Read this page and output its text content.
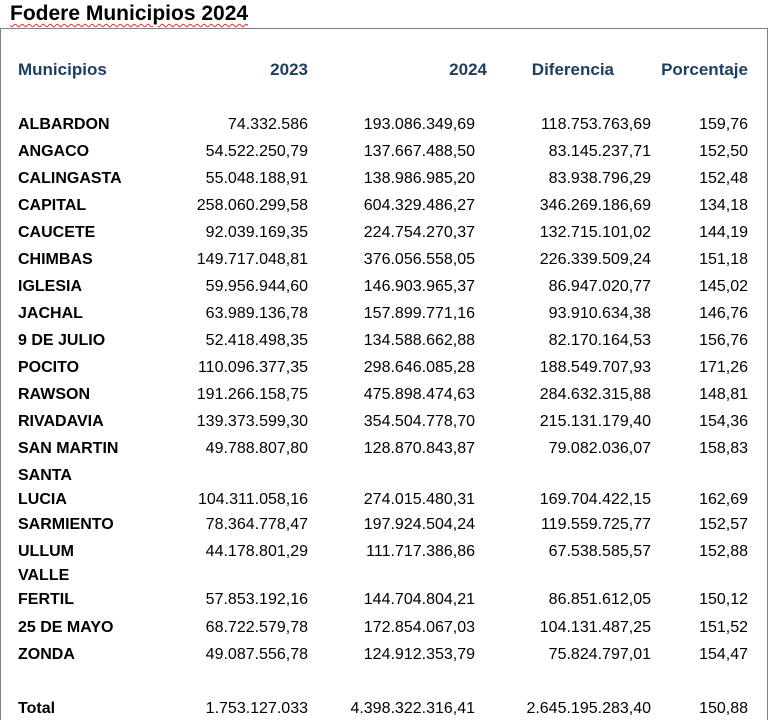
Fodere Municipios 2024
Municipios	2023	2024	Diferencia	Porcentaje
ALBARDON	74.332.586	193.086.349,69	118.753.763,69	159,76
ANGACO	54.522.250,79	137.667.488,50	83.145.237,71	152,50
CALINGASTA	55.048.188,91	138.986.985,20	83.938.796,29	152,48
CAPITAL	258.060.299,58	604.329.486,27	346.269.186,69	134,18
CAUCETE	92.039.169,35	224.754.270,37	132.715.101,02	144,19
CHIMBAS	149.717.048,81	376.056.558,05	226.339.509,24	151,18
IGLESIA	59.956.944,60	146.903.965,37	86.947.020,77	145,02
JACHAL	63.989.136,78	157.899.771,16	93.910.634,38	146,76
9 DE JULIO	52.418.498,35	134.588.662,88	82.170.164,53	156,76
POCITO	110.096.377,35	298.646.085,28	188.549.707,93	171,26
RAWSON	191.266.158,75	475.898.474,63	284.632.315,88	148,81
RIVADAVIA	139.373.599,30	354.504.778,70	215.131.179,40	154,36
SAN MARTIN	49.788.807,80	128.870.843,87	79.082.036,07	158,83
SANTA
LUCIA	104.311.058,16	274.015.480,31	169.704.422,15	162,69
SARMIENTO	78.364.778,47	197.924.504,24	119.559.725,77	152,57
ULLUM	44.178.801,29	111.717.386,86	67.538.585,57	152,88
VALLE
FERTIL	57.853.192,16	144.704.804,21	86.851.612,05	150,12
25 DE MAYO	68.722.579,78	172.854.067,03	104.131.487,25	151,52
ZONDA	49.087.556,78	124.912.353,79	75.824.797,01	154,47
Total	1.753.127.033	4.398.322.316,41	2.645.195.283,40	150,88
